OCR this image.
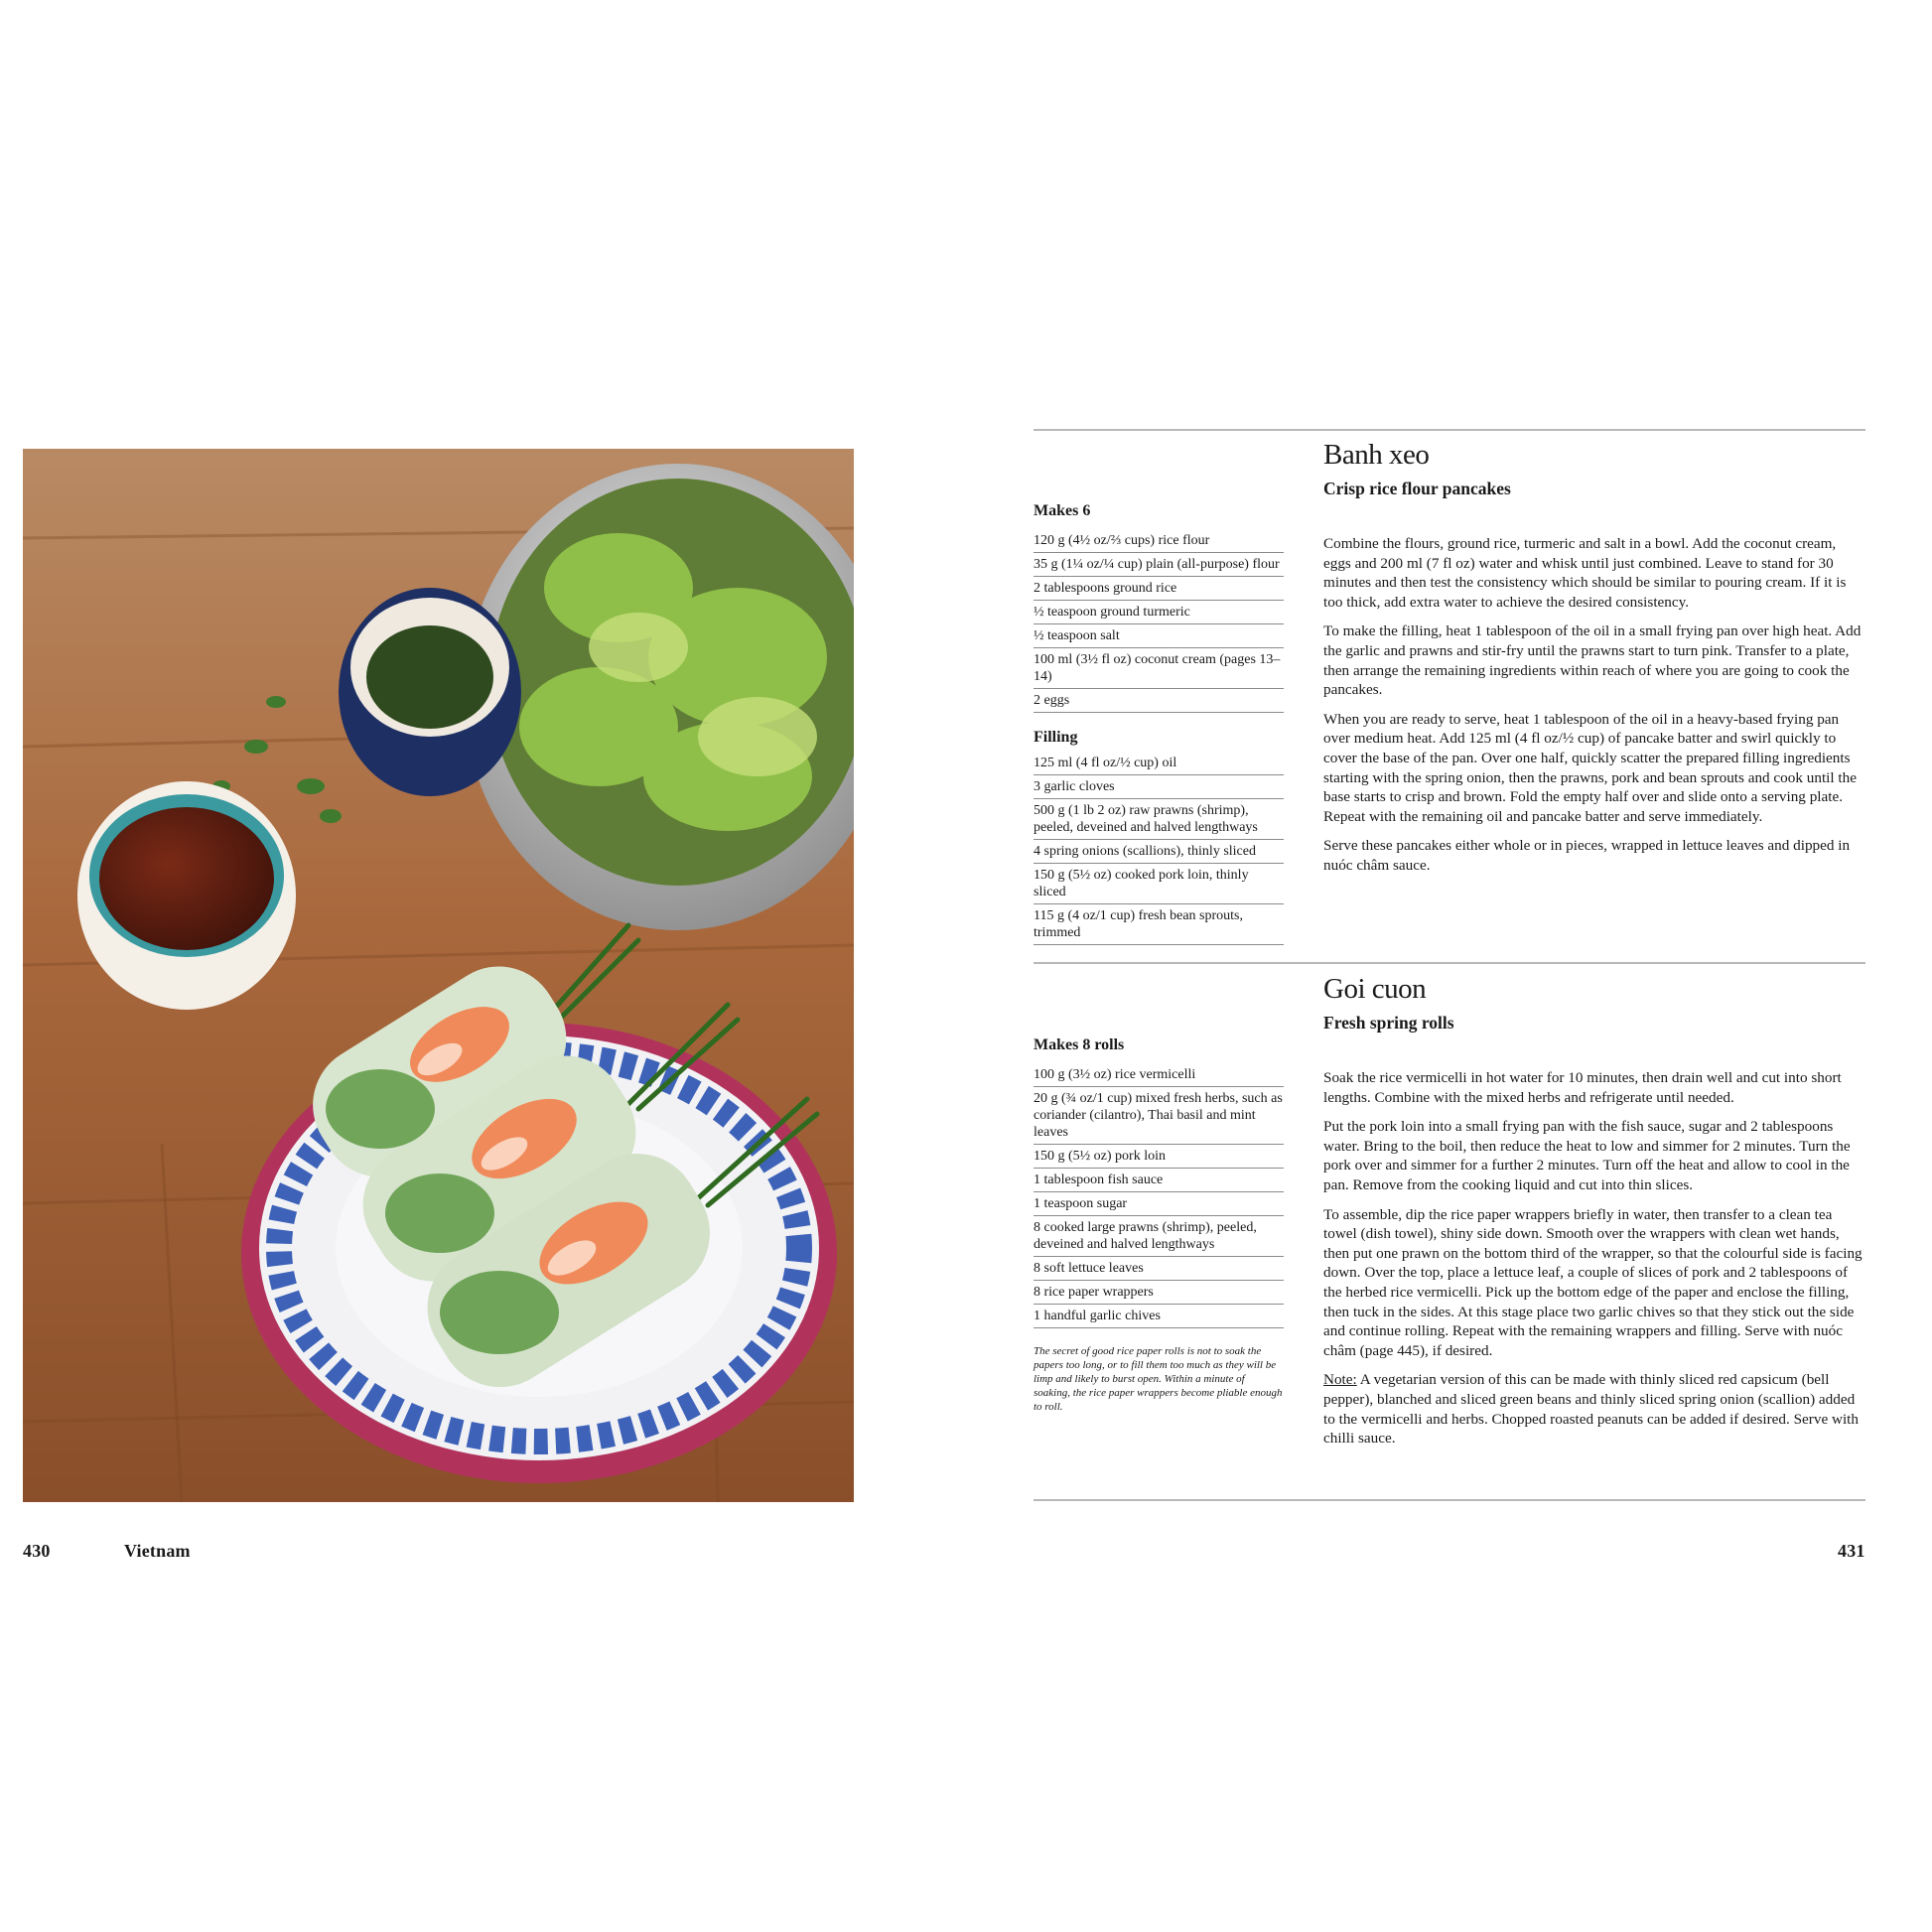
430	Vietnam	431
Banh xeo
Crisp rice flour pancakes
Makes 6
120 g (4½ oz/⅔ cups) rice flour
35 g (1¼ oz/¼ cup) plain (all-purpose) flour
2 tablespoons ground rice
½ teaspoon ground turmeric
½ teaspoon salt
100 ml (3½ fl oz) coconut cream (pages 13–14)
2 eggs
Filling
125 ml (4 fl oz/½ cup) oil
3 garlic cloves
500 g (1 lb 2 oz) raw prawns (shrimp), peeled, deveined and halved lengthways
4 spring onions (scallions), thinly sliced
150 g (5½ oz) cooked pork loin, thinly sliced
115 g (4 oz/1 cup) fresh bean sprouts, trimmed

Combine the flours, ground rice, turmeric and salt in a bowl. Add the coconut cream, eggs and 200 ml (7 fl oz) water and whisk until just combined. Leave to stand for 30 minutes and then test the consistency which should be similar to pouring cream. If it is too thick, add extra water to achieve the desired consistency.

To make the filling, heat 1 tablespoon of the oil in a small frying pan over high heat. Add the garlic and prawns and stir-fry until the prawns start to turn pink. Transfer to a plate, then arrange the remaining ingredients within reach of where you are going to cook the pancakes.

When you are ready to serve, heat 1 tablespoon of the oil in a heavy-based frying pan over medium heat. Add 125 ml (4 fl oz/½ cup) of pancake batter and swirl quickly to cover the base of the pan. Over one half, quickly scatter the prepared filling ingredients starting with the spring onion, then the prawns, pork and bean sprouts and cook until the base starts to crisp and brown. Fold the empty half over and slide onto a serving plate. Repeat with the remaining oil and pancake batter and serve immediately.

Serve these pancakes either whole or in pieces, wrapped in lettuce leaves and dipped in nuóc châm sauce.

Goi cuon
Fresh spring rolls
Makes 8 rolls
100 g (3½ oz) rice vermicelli
20 g (¾ oz/1 cup) mixed fresh herbs, such as coriander (cilantro), Thai basil and mint leaves
150 g (5½ oz) pork loin
1 tablespoon fish sauce
1 teaspoon sugar
8 cooked large prawns (shrimp), peeled, deveined and halved lengthways
8 soft lettuce leaves
8 rice paper wrappers
1 handful garlic chives
The secret of good rice paper rolls is not to soak the papers too long, or to fill them too much as they will be limp and likely to burst open. Within a minute of soaking, the rice paper wrappers become pliable enough to roll.

Soak the rice vermicelli in hot water for 10 minutes, then drain well and cut into short lengths. Combine with the mixed herbs and refrigerate until needed.

Put the pork loin into a small frying pan with the fish sauce, sugar and 2 tablespoons water. Bring to the boil, then reduce the heat to low and simmer for 2 minutes. Turn the pork over and simmer for a further 2 minutes. Turn off the heat and allow to cool in the pan. Remove from the cooking liquid and cut into thin slices.

To assemble, dip the rice paper wrappers briefly in water, then transfer to a clean tea towel (dish towel), shiny side down. Smooth over the wrappers with clean wet hands, then put one prawn on the bottom third of the wrapper, so that the colourful side is facing down. Over the top, place a lettuce leaf, a couple of slices of pork and 2 tablespoons of the herbed rice vermicelli. Pick up the bottom edge of the paper and enclose the filling, then tuck in the sides. At this stage place two garlic chives so that they stick out the side and continue rolling. Repeat with the remaining wrappers and filling. Serve with nuóc châm (page 445), if desired.

Note: A vegetarian version of this can be made with thinly sliced red capsicum (bell pepper), blanched and sliced green beans and thinly sliced spring onion (scallion) added to the vermicelli and herbs. Chopped roasted peanuts can be added if desired. Serve with chilli sauce.
